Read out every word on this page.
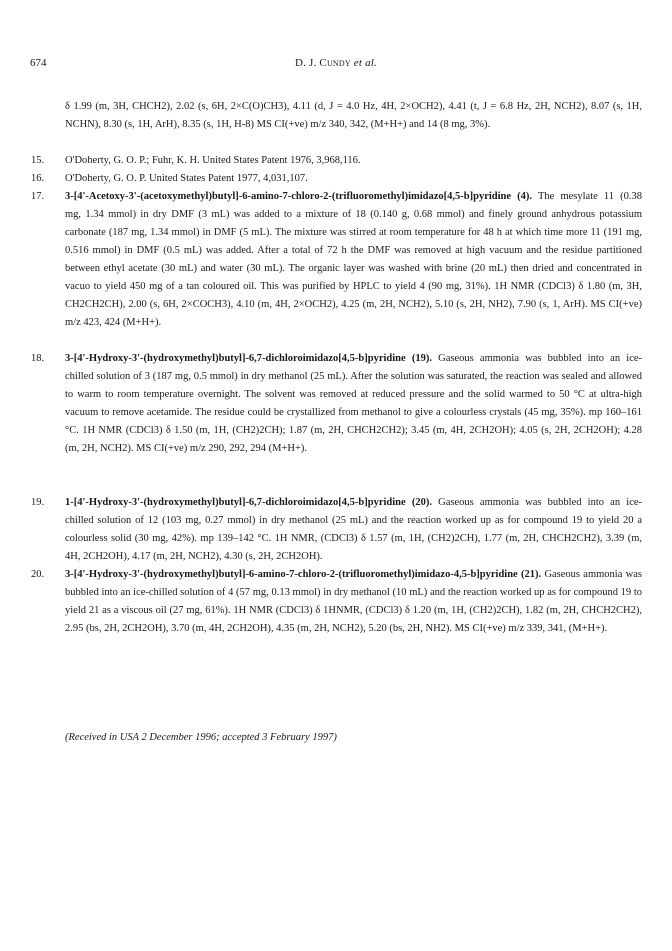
674	D. J. Cundy et al.
δ 1.99 (m, 3H, CHCH2), 2.02 (s, 6H, 2×C(O)CH3), 4.11 (d, J = 4.0 Hz, 4H, 2×OCH2), 4.41 (t, J = 6.8 Hz, 2H, NCH2), 8.07 (s, 1H, NCHN), 8.30 (s, 1H, ArH), 8.35 (s, 1H, H-8) MS CI(+ve) m/z 340, 342, (M+H+) and 14 (8 mg, 3%).
15.	O'Doherty, G. O. P.; Fuhr, K. H. United States Patent 1976, 3,968,116.
16.	O'Doherty, G. O. P. United States Patent 1977, 4,031,107.
17.	3-[4'-Acetoxy-3'-(acetoxymethyl)butyl]-6-amino-7-chloro-2-(trifluoromethyl)imidazo[4,5-b]pyridine (4). The mesylate 11 (0.38 mg, 1.34 mmol) in dry DMF (3 mL) was added to a mixture of 18 (0.140 g, 0.68 mmol) and finely ground anhydrous potassium carbonate (187 mg, 1.34 mmol) in DMF (5 mL). The mixture was stirred at room temperature for 48 h at which time more 11 (191 mg, 0.516 mmol) in DMF (0.5 mL) was added. After a total of 72 h the DMF was removed at high vacuum and the residue partitioned between ethyl acetate (30 mL) and water (30 mL). The organic layer was washed with brine (20 mL) then dried and concentrated in vacuo to yield 450 mg of a tan coloured oil. This was purified by HPLC to yield 4 (90 mg, 31%). 1H NMR (CDCl3) δ 1.80 (m, 3H, CH2CH2CH), 2.00 (s, 6H, 2×COCH3), 4.10 (m, 4H, 2×OCH2), 4.25 (m, 2H, NCH2), 5.10 (s, 2H, NH2), 7.90 (s, 1, ArH). MS CI(+ve) m/z 423, 424 (M+H+).
18.	3-[4'-Hydroxy-3'-(hydroxymethyl)butyl]-6,7-dichloroimidazo[4,5-b]pyridine (19). Gaseous ammonia was bubbled into an ice-chilled solution of 3 (187 mg, 0.5 mmol) in dry methanol (25 mL). After the solution was saturated, the reaction was sealed and allowed to warm to room temperature overnight. The solvent was removed at reduced pressure and the solid warmed to 50 °C at ultra-high vacuum to remove acetamide. The residue could be crystallized from methanol to give a colourless crystals (45 mg, 35%). mp 160–161 °C. 1H NMR (CDCl3) δ 1.50 (m, 1H, (CH2)2CH); 1.87 (m, 2H, CHCH2CH2); 3.45 (m, 4H, 2CH2OH); 4.05 (s, 2H, 2CH2OH); 4.28 (m, 2H, NCH2). MS CI(+ve) m/z 290, 292, 294 (M+H+).
19.	1-[4'-Hydroxy-3'-(hydroxymethyl)butyl]-6,7-dichloroimidazo[4,5-b]pyridine (20). Gaseous ammonia was bubbled into an ice-chilled solution of 12 (103 mg, 0.27 mmol) in dry methanol (25 mL) and the reaction worked up as for compound 19 to yield 20 a colourless solid (30 mg, 42%). mp 139–142 °C. 1H NMR, (CDCl3) δ 1.57 (m, 1H, (CH2)2CH), 1.77 (m, 2H, CHCH2CH2), 3.39 (m, 4H, 2CH2OH), 4.17 (m, 2H, NCH2), 4.30 (s, 2H, 2CH2OH).
20.	3-[4'-Hydroxy-3'-(hydroxymethyl)butyl]-6-amino-7-chloro-2-(trifluoromethyl)imidazo-4,5-b]pyridine (21). Gaseous ammonia was bubbled into an ice-chilled solution of 4 (57 mg, 0.13 mmol) in dry methanol (10 mL) and the reaction worked up as for compound 19 to yield 21 as a viscous oil (27 mg, 61%). 1H NMR (CDCl3) δ 1HNMR, (CDCl3) δ 1.20 (m, 1H, (CH2)2CH), 1.82 (m, 2H, CHCH2CH2), 2.95 (bs, 2H, 2CH2OH), 3.70 (m, 4H, 2CH2OH), 4.35 (m, 2H, NCH2), 5.20 (bs, 2H, NH2). MS CI(+ve) m/z 339, 341, (M+H+).
(Received in USA 2 December 1996; accepted 3 February 1997)
